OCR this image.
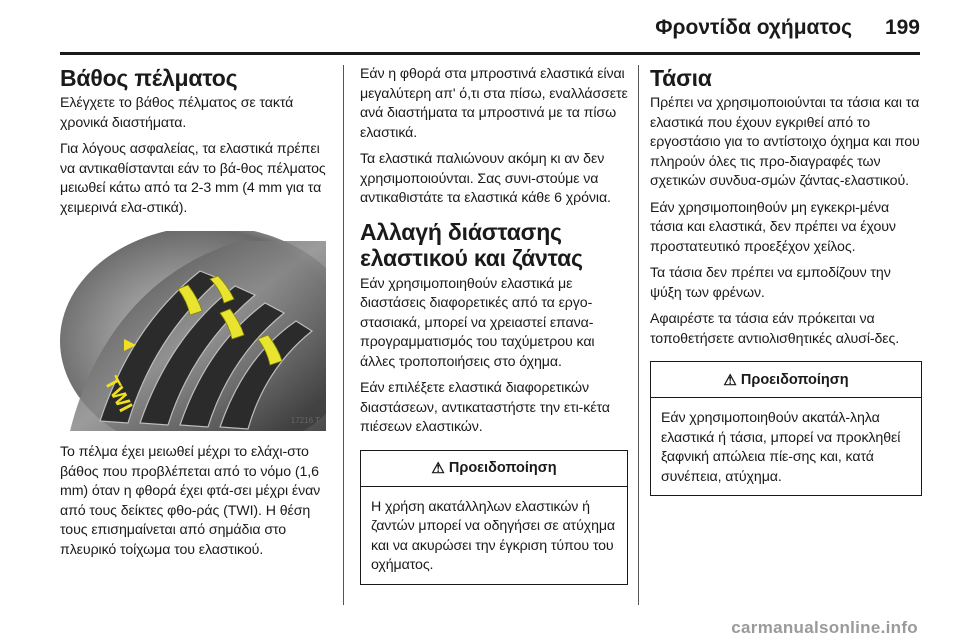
Φροντίδα οχήματος 199
Βάθος πέλματος

Ελέγχετε το βάθος πέλματος σε τακτά χρονικά διαστήματα.

Για λόγους ασφαλείας, τα ελαστικά πρέπει να αντικαθίστανται εάν το βά-θος πέλματος μειωθεί κάτω από τα 2-3 mm (4 mm για τα χειμερινά ελα-στικά).

TWI
17216 T

Το πέλμα έχει μειωθεί μέχρι το ελάχι-στο βάθος που προβλέπεται από το νόμο (1,6 mm) όταν η φθορά έχει φτά-σει μέχρι έναν από τους δείκτες φθο-ράς (TWI). Η θέση τους επισημαίνεται από σημάδια στο πλευρικό τοίχωμα του ελαστικού.

Εάν η φθορά στα μπροστινά ελαστικά είναι μεγαλύτερη απ' ό,τι στα πίσω, εναλλάσσετε ανά διαστήματα τα μπροστινά με τα πίσω ελαστικά.

Τα ελαστικά παλιώνουν ακόμη κι αν δεν χρησιμοποιούνται. Σας συνι-στούμε να αντικαθιστάτε τα ελαστικά κάθε 6 χρόνια.

Αλλαγή διάστασης ελαστικού και ζάντας

Εάν χρησιμοποιηθούν ελαστικά με διαστάσεις διαφορετικές από τα εργο-στασιακά, μπορεί να χρειαστεί επανα-προγραμματισμός του ταχύμετρου και άλλες τροποποιήσεις στο όχημα.

Εάν επιλέξετε ελαστικά διαφορετικών διαστάσεων, αντικαταστήστε την ετι-κέτα πιέσεων ελαστικών.

⚠ Προειδοποίηση

Η χρήση ακατάλληλων ελαστικών ή ζαντών μπορεί να οδηγήσει σε ατύχημα και να ακυρώσει την έγκριση τύπου του οχήματος.

Τάσια

Πρέπει να χρησιμοποιούνται τα τάσια και τα ελαστικά που έχουν εγκριθεί από το εργοστάσιο για το αντίστοιχο όχημα και που πληρούν όλες τις προ-διαγραφές των σχετικών συνδυα-σμών ζάντας-ελαστικού.

Εάν χρησιμοποιηθούν μη εγκεκρι-μένα τάσια και ελαστικά, δεν πρέπει να έχουν προστατευτικό προεξέχον χείλος.

Τα τάσια δεν πρέπει να εμποδίζουν την ψύξη των φρένων.

Αφαιρέστε τα τάσια εάν πρόκειται να τοποθετήσετε αντιολισθητικές αλυσί-δες.

⚠ Προειδοποίηση

Εάν χρησιμοποιηθούν ακατάλ-ληλα ελαστικά ή τάσια, μπορεί να προκληθεί ξαφνική απώλεια πίε-σης και, κατά συνέπεια, ατύχημα.

carmanualsonline.info
